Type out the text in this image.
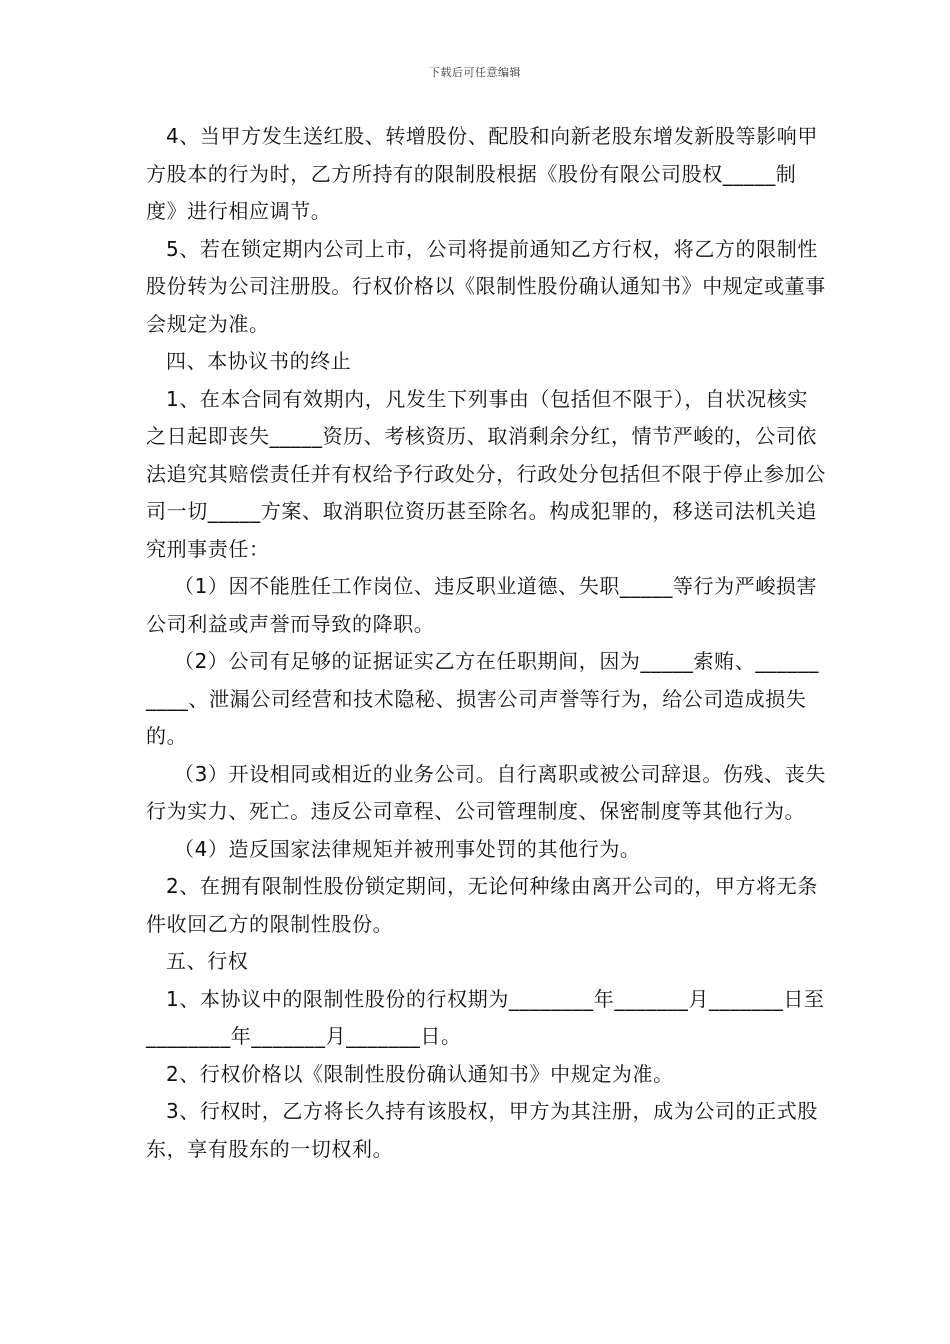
下载后可任意编辑

4、当甲方发生送红股、转增股份、配股和向新老股东增发新股等影响甲方股本的行为时，乙方所持有的限制股根据《股份有限公司股权_____制度》进行相应调节。

5、若在锁定期内公司上市，公司将提前通知乙方行权，将乙方的限制性股份转为公司注册股。行权价格以《限制性股份确认通知书》中规定或董事会规定为准。

四、本协议书的终止

1、在本合同有效期内，凡发生下列事由（包括但不限于），自状况核实之日起即丧失_____资历、考核资历、取消剩余分红，情节严峻的，公司依法追究其赔偿责任并有权给予行政处分，行政处分包括但不限于停止参加公司一切_____方案、取消职位资历甚至除名。构成犯罪的，移送司法机关追究刑事责任：

（1）因不能胜任工作岗位、违反职业道德、失职_____等行为严峻损害公司利益或声誉而导致的降职。

（2）公司有足够的证据证实乙方在任职期间，因为_____索贿、__________、泄漏公司经营和技术隐秘、损害公司声誉等行为，给公司造成损失的。

（3）开设相同或相近的业务公司。自行离职或被公司辞退。伤残、丧失行为实力、死亡。违反公司章程、公司管理制度、保密制度等其他行为。

（4）造反国家法律规矩并被刑事处罚的其他行为。

2、在拥有限制性股份锁定期间，无论何种缘由离开公司的，甲方将无条件收回乙方的限制性股份。

五、行权

1、本协议中的限制性股份的行权期为________年_______月_______日至________年_______月_______日。

2、行权价格以《限制性股份确认通知书》中规定为准。

3、行权时，乙方将长久持有该股权，甲方为其注册，成为公司的正式股东，享有股东的一切权利。
